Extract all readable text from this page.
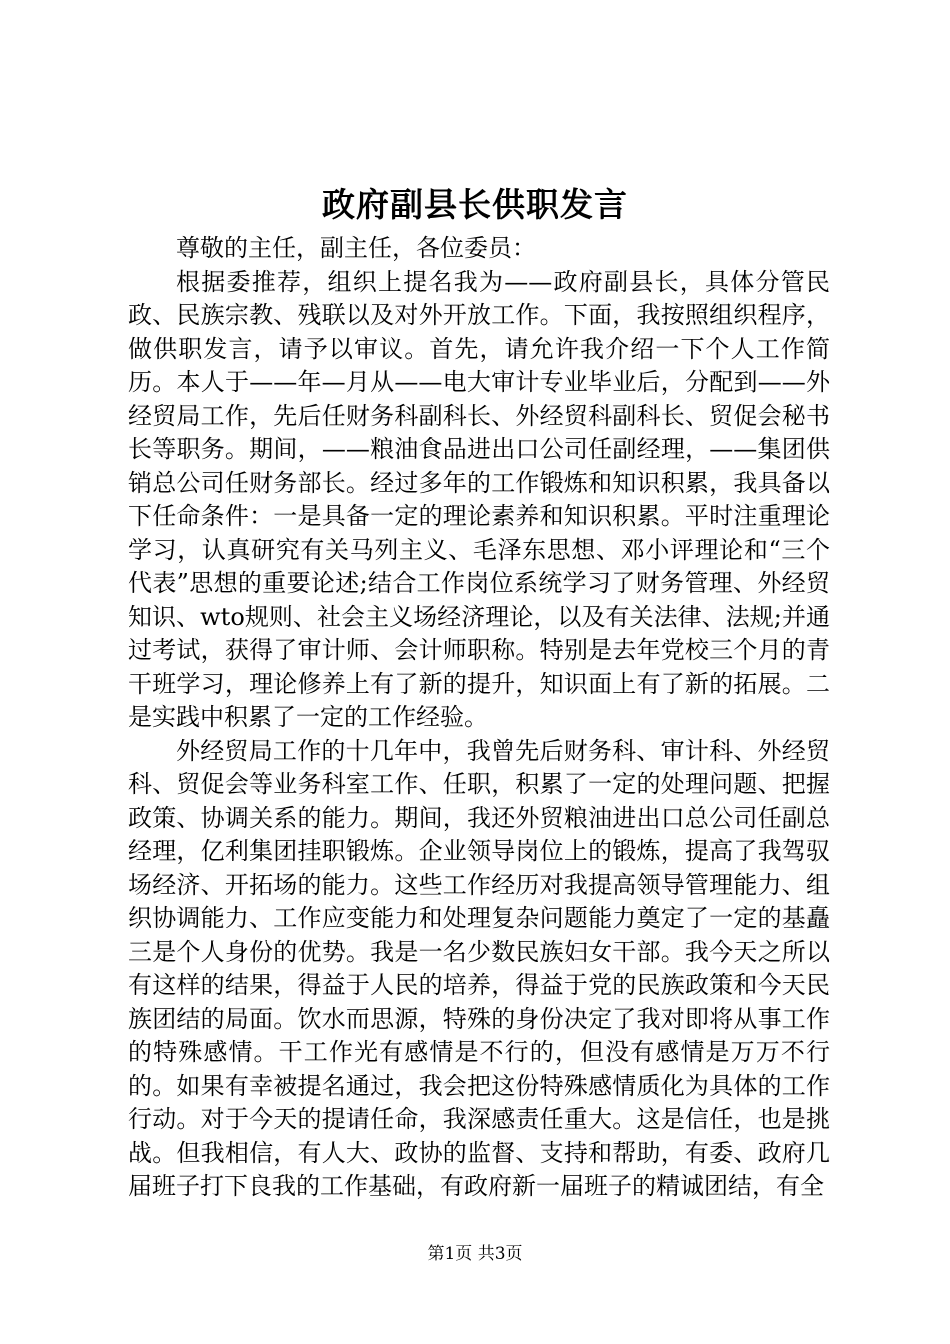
政府副县长供职发言

尊敬的主任，副主任，各位委员：

根据委推荐，组织上提名我为——政府副县长，具体分管民政、民族宗教、残联以及对外开放工作。下面，我按照组织程序，做供职发言，请予以审议。首先，请允许我介绍一下个人工作简历。本人于——年—月从——电大审计专业毕业后，分配到——外经贸局工作，先后任财务科副科长、外经贸科副科长、贸促会秘书长等职务。期间，——粮油食品进出口公司任副经理，——集团供销总公司任财务部长。经过多年的工作锻炼和知识积累，我具备以下任命条件：一是具备一定的理论素养和知识积累。平时注重理论学习，认真研究有关马列主义、毛泽东思想、邓小评理论和“三个代表”思想的重要论述;结合工作岗位系统学习了财务管理、外经贸知识、wto规则、社会主义场经济理论，以及有关法律、法规;并通过考试，获得了审计师、会计师职称。特别是去年党校三个月的青干班学习，理论修养上有了新的提升，知识面上有了新的拓展。二是实践中积累了一定的工作经验。

外经贸局工作的十几年中，我曾先后财务科、审计科、外经贸科、贸促会等业务科室工作、任职，积累了一定的处理问题、把握政策、协调关系的能力。期间，我还外贸粮油进出口总公司任副总经理，亿利集团挂职锻炼。企业领导岗位上的锻炼，提高了我驾驭场经济、开拓场的能力。这些工作经历对我提高领导管理能力、组织协调能力、工作应变能力和处理复杂问题能力奠定了一定的基矗三是个人身份的优势。我是一名少数民族妇女干部。我今天之所以有这样的结果，得益于人民的培养，得益于党的民族政策和今天民族团结的局面。饮水而思源，特殊的身份决定了我对即将从事工作的特殊感情。干工作光有感情是不行的，但没有感情是万万不行的。如果有幸被提名通过，我会把这份特殊感情质化为具体的工作行动。对于今天的提请任命，我深感责任重大。这是信任，也是挑战。但我相信，有人大、政协的监督、支持和帮助，有委、政府几届班子打下良我的工作基础，有政府新一届班子的精诚团结，有全

第1页 共3页
